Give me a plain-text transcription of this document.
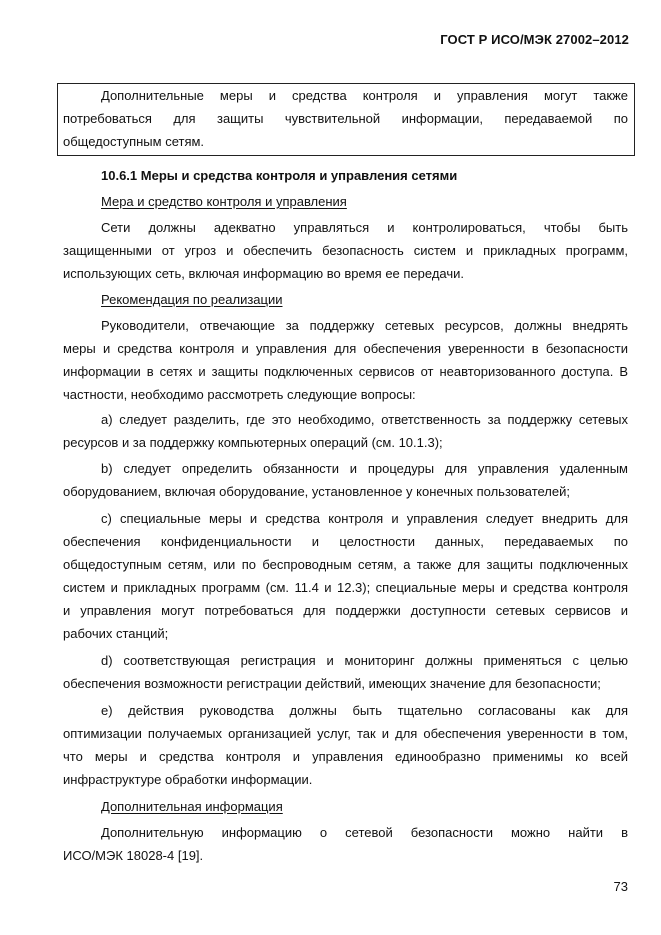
ГОСТ Р ИСО/МЭК 27002–2012
Дополнительные меры и средства контроля и управления могут также
потребоваться для защиты чувствительной информации, передаваемой по
общедоступным сетям.
10.6.1 Меры и средства контроля и управления сетями
Мера и средство контроля и управления
Сети должны адекватно управляться и контролироваться, чтобы быть
защищенными от угроз и обеспечить безопасность систем и прикладных программ,
использующих сеть, включая информацию во время ее передачи.
Рекомендация по реализации
Руководители, отвечающие за поддержку сетевых ресурсов, должны внедрять
меры и средства контроля и управления для обеспечения уверенности в безопасности
информации в сетях и защиты подключенных сервисов от неавторизованного доступа. В
частности, необходимо рассмотреть следующие вопросы:
а) следует разделить, где это необходимо, ответственность за поддержку сетевых
ресурсов и за поддержку компьютерных операций (см. 10.1.3);
b) следует определить обязанности и процедуры для управления удаленным
оборудованием, включая оборудование, установленное у конечных пользователей;
с) специальные меры и средства контроля и управления следует внедрить для
обеспечения конфиденциальности и целостности данных, передаваемых по
общедоступным сетям, или по беспроводным сетям, а также для защиты подключенных
систем и прикладных программ (см. 11.4 и 12.3); специальные меры и средства контроля
и управления могут потребоваться для поддержки доступности сетевых сервисов и
рабочих станций;
d) соответствующая регистрация и мониторинг должны применяться с целью
обеспечения возможности регистрации действий, имеющих значение для безопасности;
е) действия руководства должны быть тщательно согласованы как для
оптимизации получаемых организацией услуг, так и для обеспечения уверенности в том,
что меры и средства контроля и управления единообразно применимы ко всей
инфраструктуре обработки информации.
Дополнительная информация
Дополнительную информацию о сетевой безопасности можно найти в
ИСО/МЭК 18028-4 [19].
73
